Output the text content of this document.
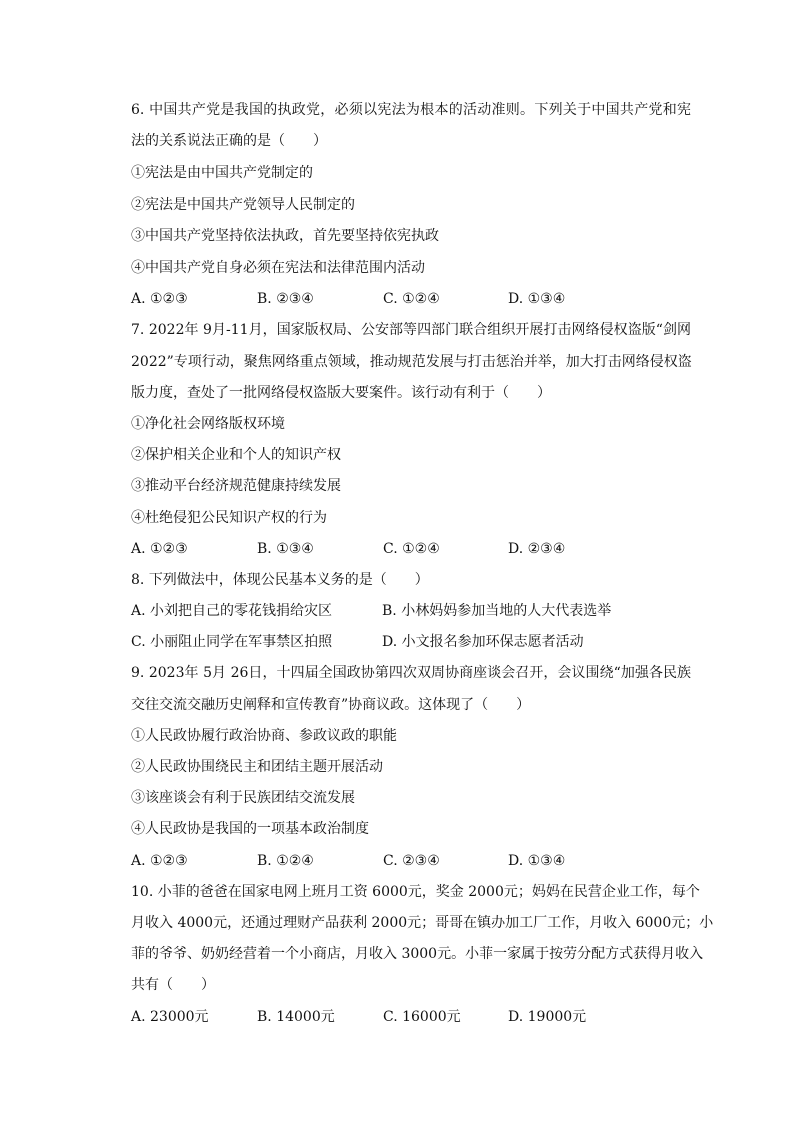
6. 中国共产党是我国的执政党，必须以宪法为根本的活动准则。下列关于中国共产党和宪
法的关系说法正确的是（　　）
①宪法是由中国共产党制定的
②宪法是中国共产党领导人民制定的
③中国共产党坚持依法执政，首先要坚持依宪执政
④中国共产党自身必须在宪法和法律范围内活动
A. ①②③	B. ②③④	C. ①②④	D. ①③④
7. 2022年 9月-11月，国家版权局、公安部等四部门联合组织开展打击网络侵权盗版“剑网
2022”专项行动，聚焦网络重点领域，推动规范发展与打击惩治并举，加大打击网络侵权盗
版力度，查处了一批网络侵权盗版大要案件。该行动有利于（　　）
①净化社会网络版权环境
②保护相关企业和个人的知识产权
③推动平台经济规范健康持续发展
④杜绝侵犯公民知识产权的行为
A. ①②③	B. ①③④	C. ①②④	D. ②③④
8. 下列做法中，体现公民基本义务的是（　　）
A. 小刘把自己的零花钱捐给灾区	B. 小林妈妈参加当地的人大代表选举
C. 小丽阻止同学在军事禁区拍照	D. 小文报名参加环保志愿者活动
9. 2023年 5月 26日，十四届全国政协第四次双周协商座谈会召开，会议围绕“加强各民族
交往交流交融历史阐释和宣传教育”协商议政。这体现了（　　）
①人民政协履行政治协商、参政议政的职能
②人民政协围绕民主和团结主题开展活动
③该座谈会有利于民族团结交流发展
④人民政协是我国的一项基本政治制度
A. ①②③	B. ①②④	C. ②③④	D. ①③④
10. 小菲的爸爸在国家电网上班月工资 6000元，奖金 2000元；妈妈在民营企业工作，每个
月收入 4000元，还通过理财产品获利 2000元；哥哥在镇办加工厂工作，月收入 6000元；小
菲的爷爷、奶奶经营着一个小商店，月收入 3000元。小菲一家属于按劳分配方式获得月收入
共有（　　）
A. 23000元	B. 14000元	C. 16000元	D. 19000元
